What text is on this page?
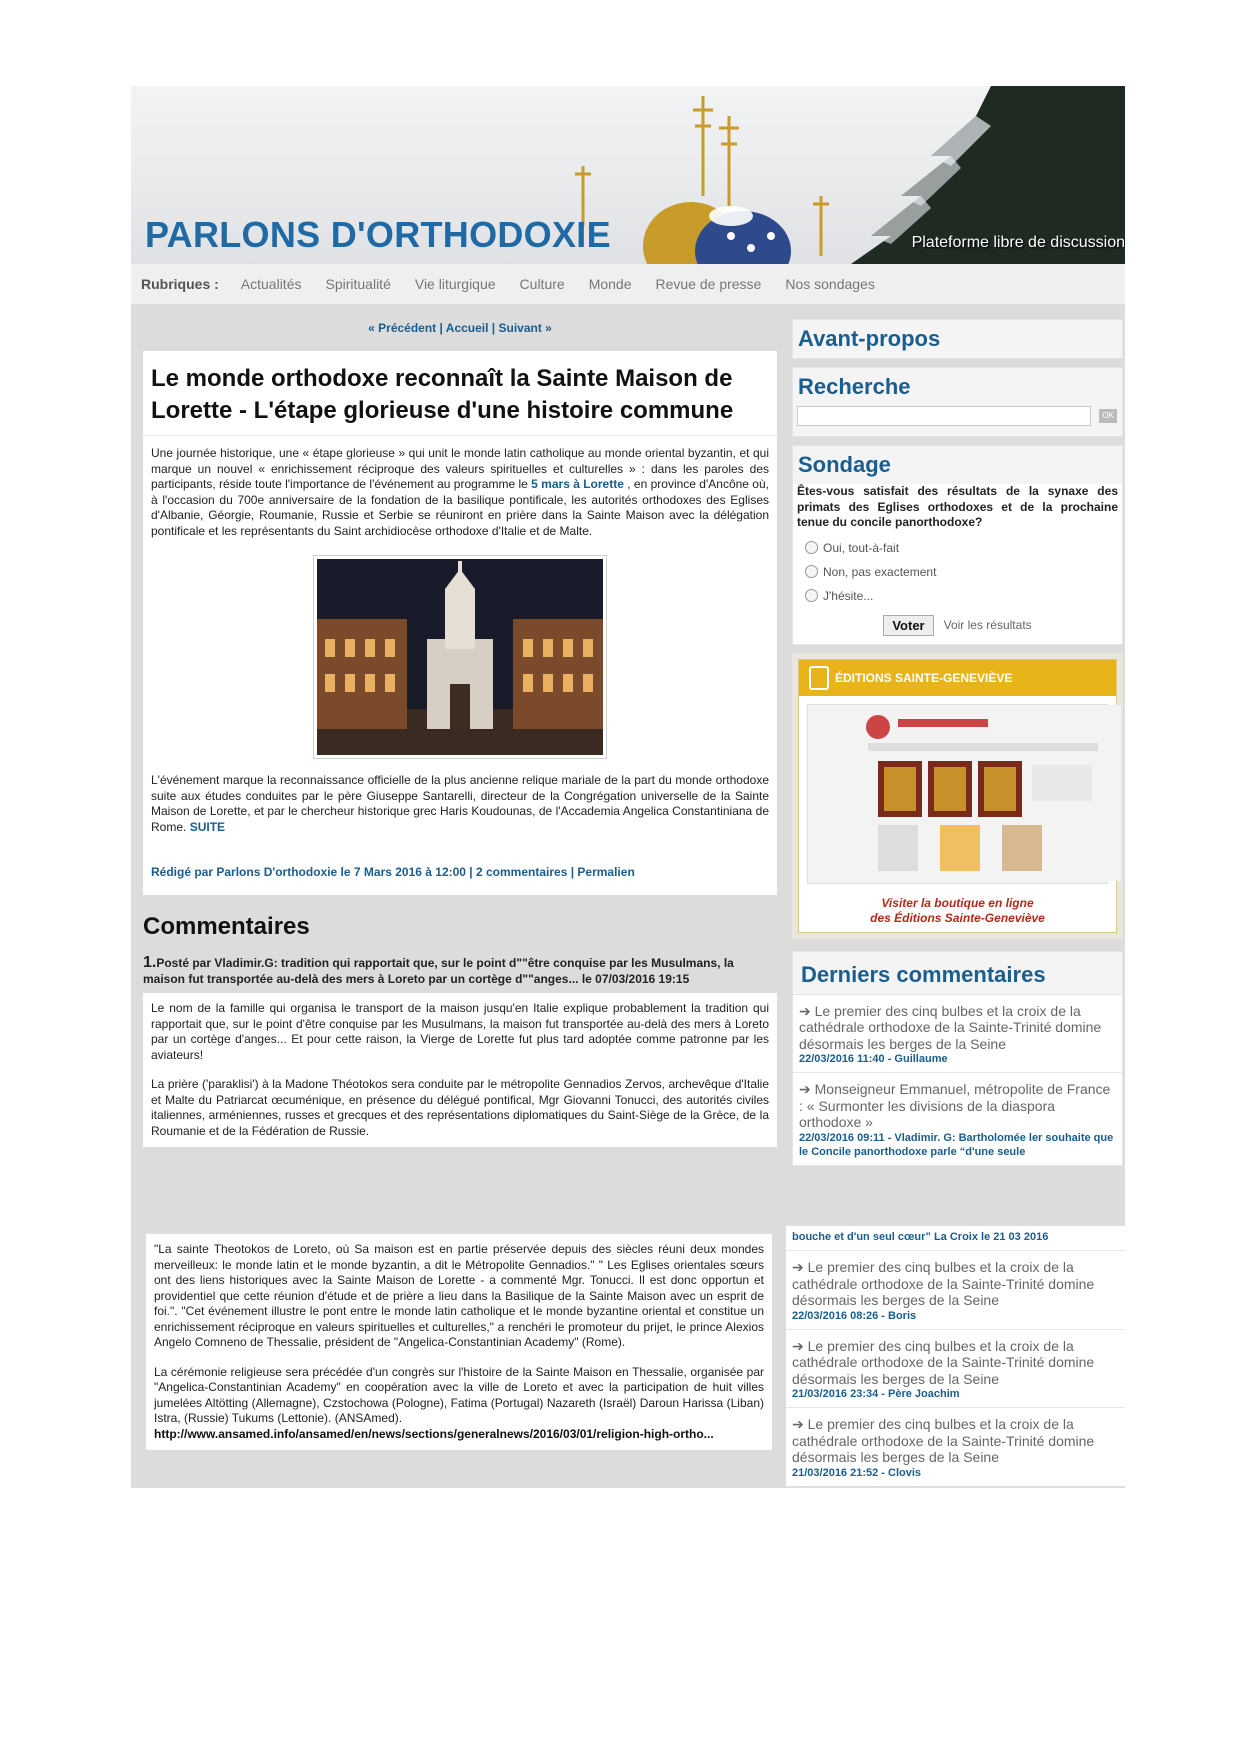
PARLONS D'ORTHODOXIE	Plateforme libre de discussion
Rubriques : Actualités Spiritualité Vie liturgique Culture Monde Revue de presse Nos sondages
« Précédent | Accueil | Suivant »
Le monde orthodoxe reconnaît la Sainte Maison de Lorette - L'étape glorieuse d'une histoire commune
Une journée historique, une « étape glorieuse » qui unit le monde latin catholique au monde oriental byzantin, et qui marque un nouvel « enrichissement réciproque des valeurs spirituelles et culturelles » : dans les paroles des participants, réside toute l'importance de l'événement au programme le 5 mars à Lorette , en province d'Ancône où, à l'occasion du 700e anniversaire de la fondation de la basilique pontificale, les autorités orthodoxes des Eglises d'Albanie, Géorgie, Roumanie, Russie et Serbie se réuniront en prière dans la Sainte Maison avec la délégation pontificale et les représentants du Saint archidiocèse orthodoxe d'Italie et de Malte.
L'événement marque la reconnaissance officielle de la plus ancienne relique mariale de la part du monde orthodoxe suite aux études conduites par le père Giuseppe Santarelli, directeur de la Congrégation universelle de la Sainte Maison de Lorette, et par le chercheur historique grec Haris Koudounas, de l'Accademia Angelica Constantiniana de Rome. SUITE
Rédigé par Parlons D'orthodoxie le 7 Mars 2016 à 12:00 | 2 commentaires | Permalien
Commentaires
1.Posté par Vladimir.G: tradition qui rapportait que, sur le point d""être conquise par les Musulmans, la maison fut transportée au-delà des mers à Loreto par un cortège d""anges... le 07/03/2016 19:15

Le nom de la famille qui organisa le transport de la maison jusqu'en Italie explique probablement la tradition qui rapportait que, sur le point d'être conquise par les Musulmans, la maison fut transportée au-delà des mers à Loreto par un cortège d'anges... Et pour cette raison, la Vierge de Lorette fut plus tard adoptée comme patronne par les aviateurs!

La prière ('paraklisi') à la Madone Théotokos sera conduite par le métropolite Gennadios Zervos, archevêque d'Italie et Malte du Patriarcat œcuménique, en présence du délégué pontifical, Mgr Giovanni Tonucci, des autorités civiles italiennes, arméniennes, russes et grecques et des représentations diplomatiques du Saint-Siège de la Grèce, de la Roumanie et de la Fédération de Russie.

Avant-propos
Recherche
OK
Sondage
Êtes-vous satisfait des résultats de la synaxe des primats des Eglises orthodoxes et de la prochaine tenue du concile panorthodoxe?
Oui, tout-à-fait
Non, pas exactement
J'hésite...
Voter	Voir les résultats
ÉDITIONS SAINTE-GENEVIÈVE
Visiter la boutique en ligne
des Éditions Sainte-Geneviève
Derniers commentaires
➔ Le premier des cinq bulbes et la croix de la cathédrale orthodoxe de la Sainte-Trinité domine désormais les berges de la Seine
22/03/2016 11:40 - Guillaume
➔ Monseigneur Emmanuel, métropolite de France : « Surmonter les divisions de la diaspora orthodoxe »
22/03/2016 09:11 - Vladimir. G: Bartholomée ler souhaite que le Concile panorthodoxe parle “d'une seule

"La sainte Theotokos de Loreto, où Sa maison est en partie préservée depuis des siècles réuni deux mondes merveilleux: le monde latin et le monde byzantin, a dit le Métropolite Gennadios." " Les Eglises orientales sœurs ont des liens historiques avec la Sainte Maison de Lorette - a commenté Mgr. Tonucci. Il est donc opportun et providentiel que cette réunion d'étude et de prière a lieu dans la Basilique de la Sainte Maison avec un esprit de foi.". "Cet événement illustre le pont entre le monde latin catholique et le monde byzantine oriental et constitue un enrichissement réciproque en valeurs spirituelles et culturelles," a renchéri le promoteur du prijet, le prince Alexios Angelo Comneno de Thessalie, président de "Angelica-Constantinian Academy" (Rome).

La cérémonie religieuse sera précédée d'un congrès sur l'histoire de la Sainte Maison en Thessalie, organisée par "Angelica-Constantinian Academy" en coopération avec la ville de Loreto et avec la participation de huit villes jumelées Altötting (Allemagne), Czstochowa (Pologne), Fatima (Portugal) Nazareth (Israël) Daroun Harissa (Liban) Istra, (Russie) Tukums (Lettonie). (ANSAmed).

http://www.ansamed.info/ansamed/en/news/sections/generalnews/2016/03/01/religion-high-ortho...
bouche et d'un seul cœur” La Croix le 21 03 2016
➔ Le premier des cinq bulbes et la croix de la cathédrale orthodoxe de la Sainte-Trinité domine désormais les berges de la Seine
22/03/2016 08:26 - Boris
➔ Le premier des cinq bulbes et la croix de la cathédrale orthodoxe de la Sainte-Trinité domine désormais les berges de la Seine
21/03/2016 23:34 - Père Joachim
➔ Le premier des cinq bulbes et la croix de la cathédrale orthodoxe de la Sainte-Trinité domine désormais les berges de la Seine
21/03/2016 21:52 - Clovis
